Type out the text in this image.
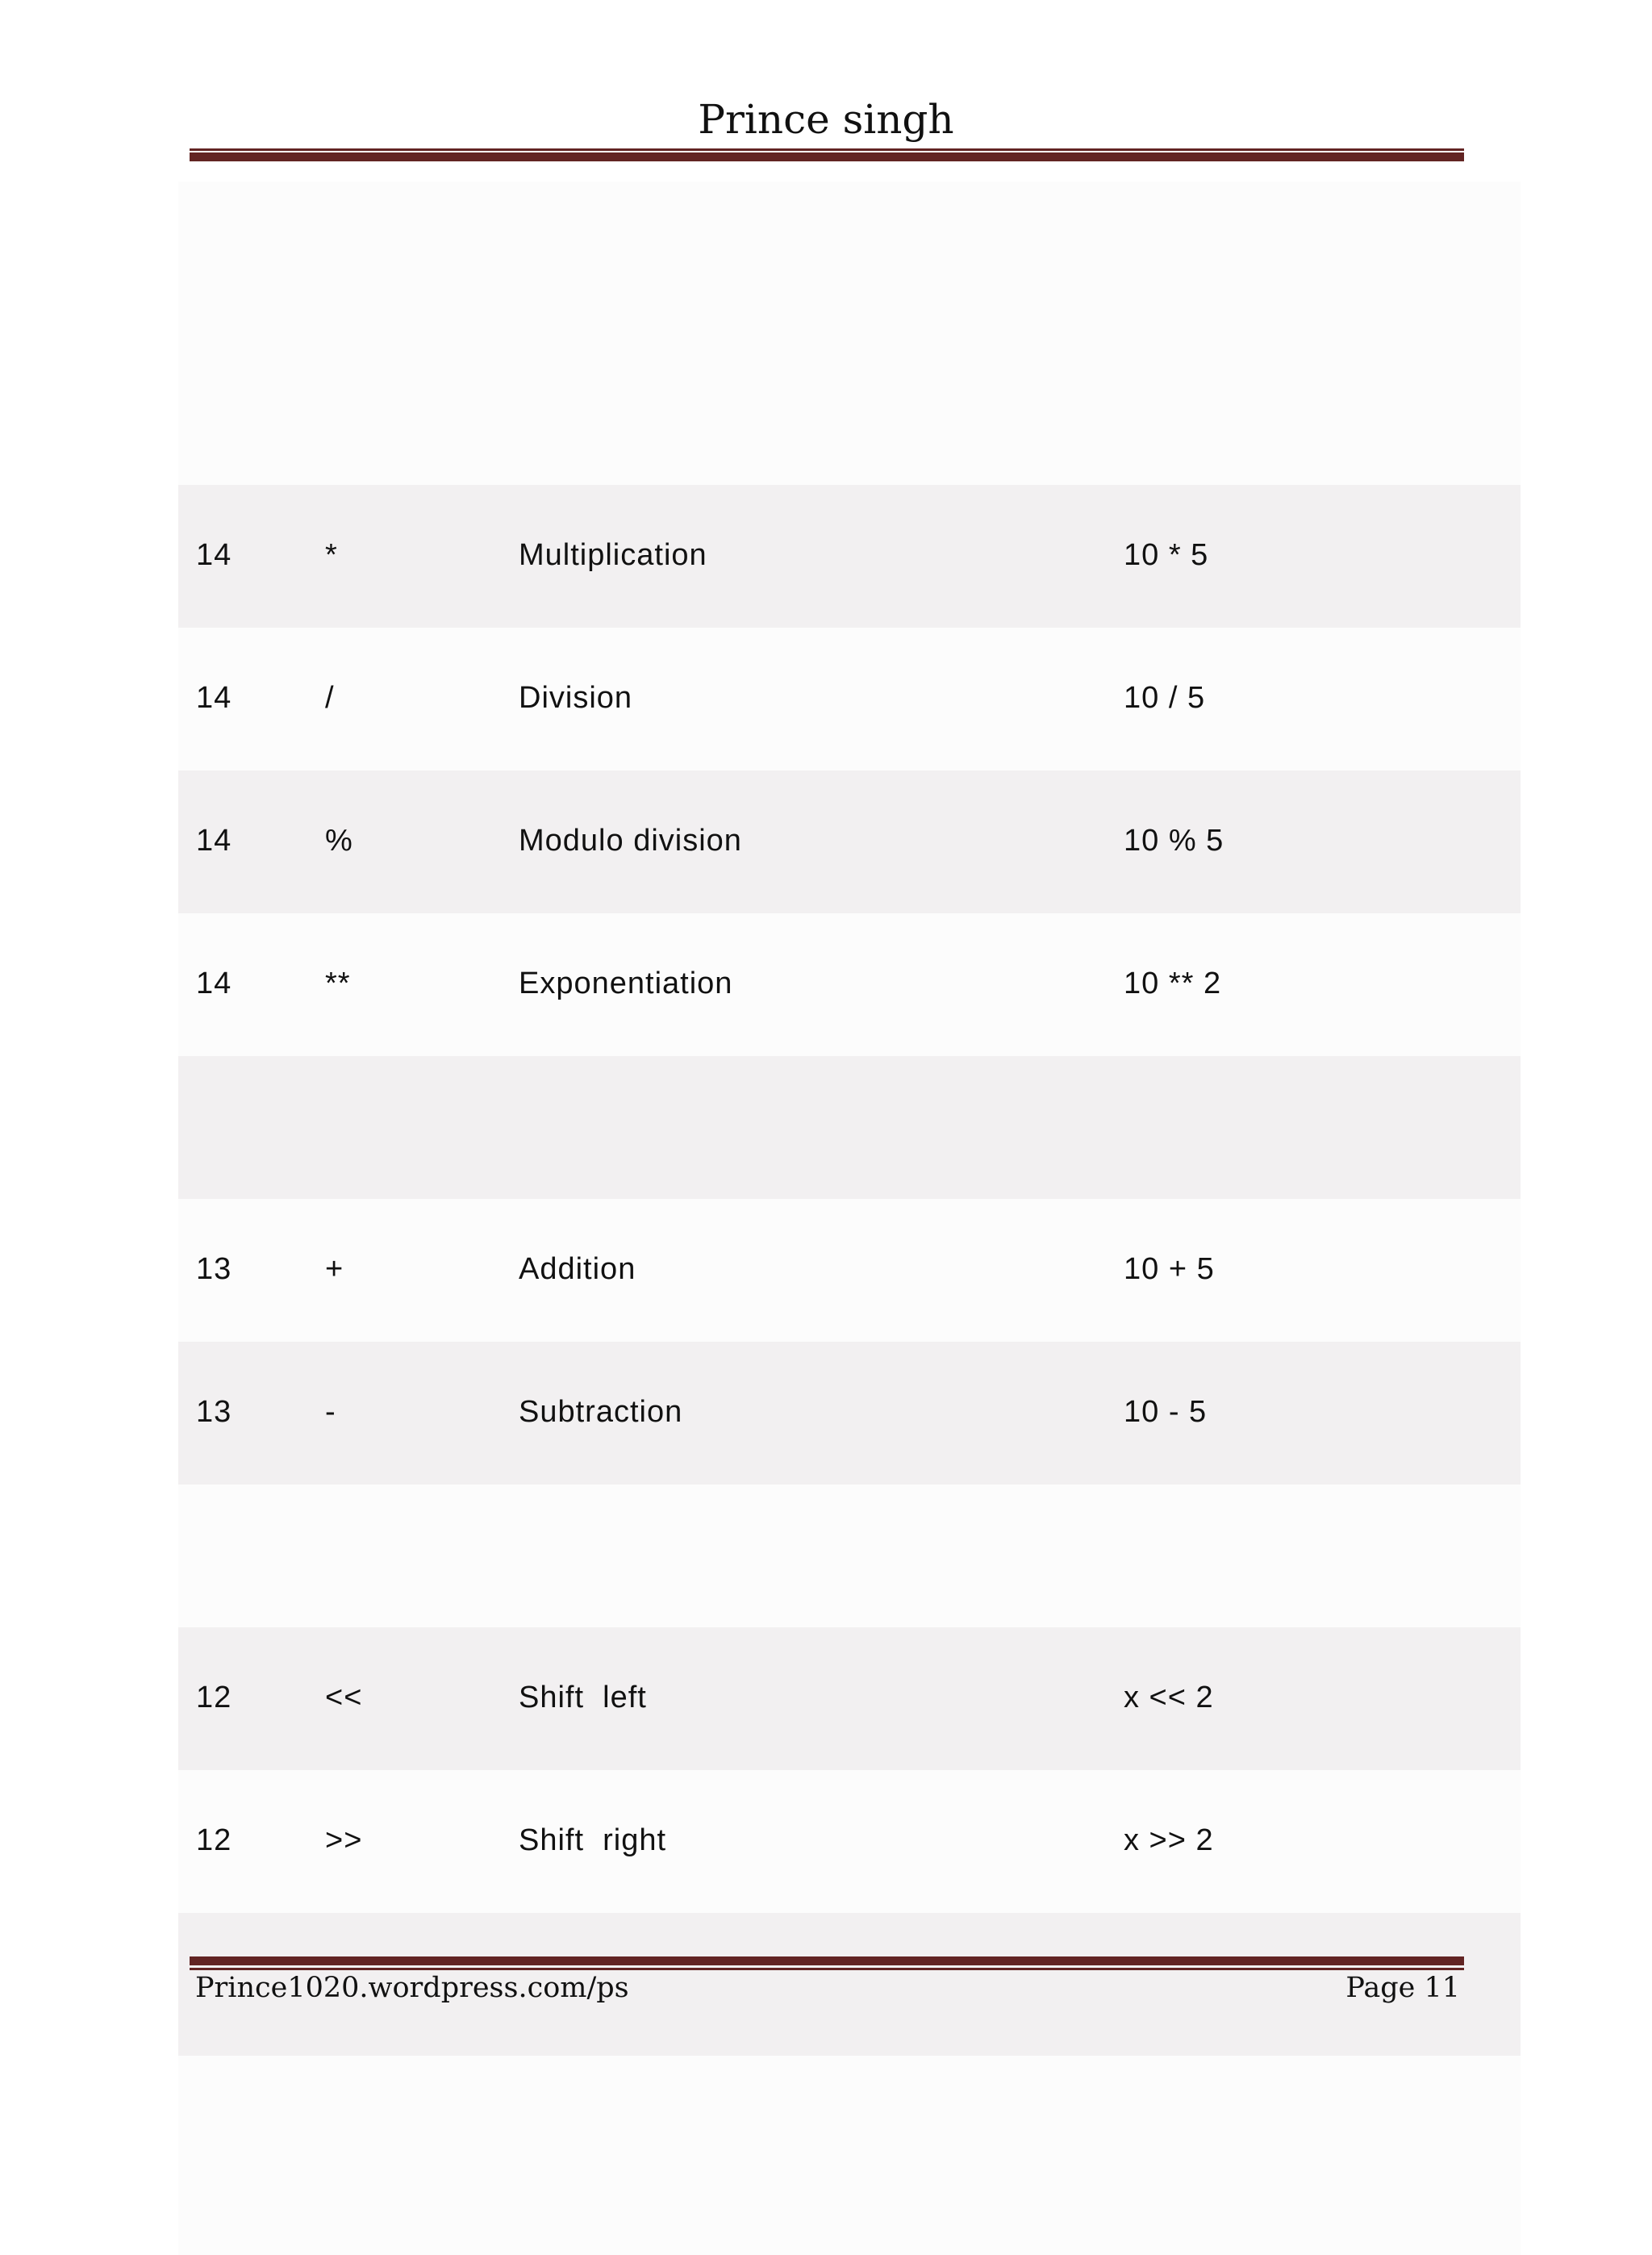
Prince singh
14	*	Multiplication	10 * 5
14	/	Division	10 / 5
14	%	Modulo division	10 % 5
14	**	Exponentiation	10 ** 2
13	+	Addition	10 + 5
13	-	Subtraction	10 - 5
12	<<	Shift  left	x << 2
12	>>	Shift  right	x >> 2
Prince1020.wordpress.com/ps	Page 11
